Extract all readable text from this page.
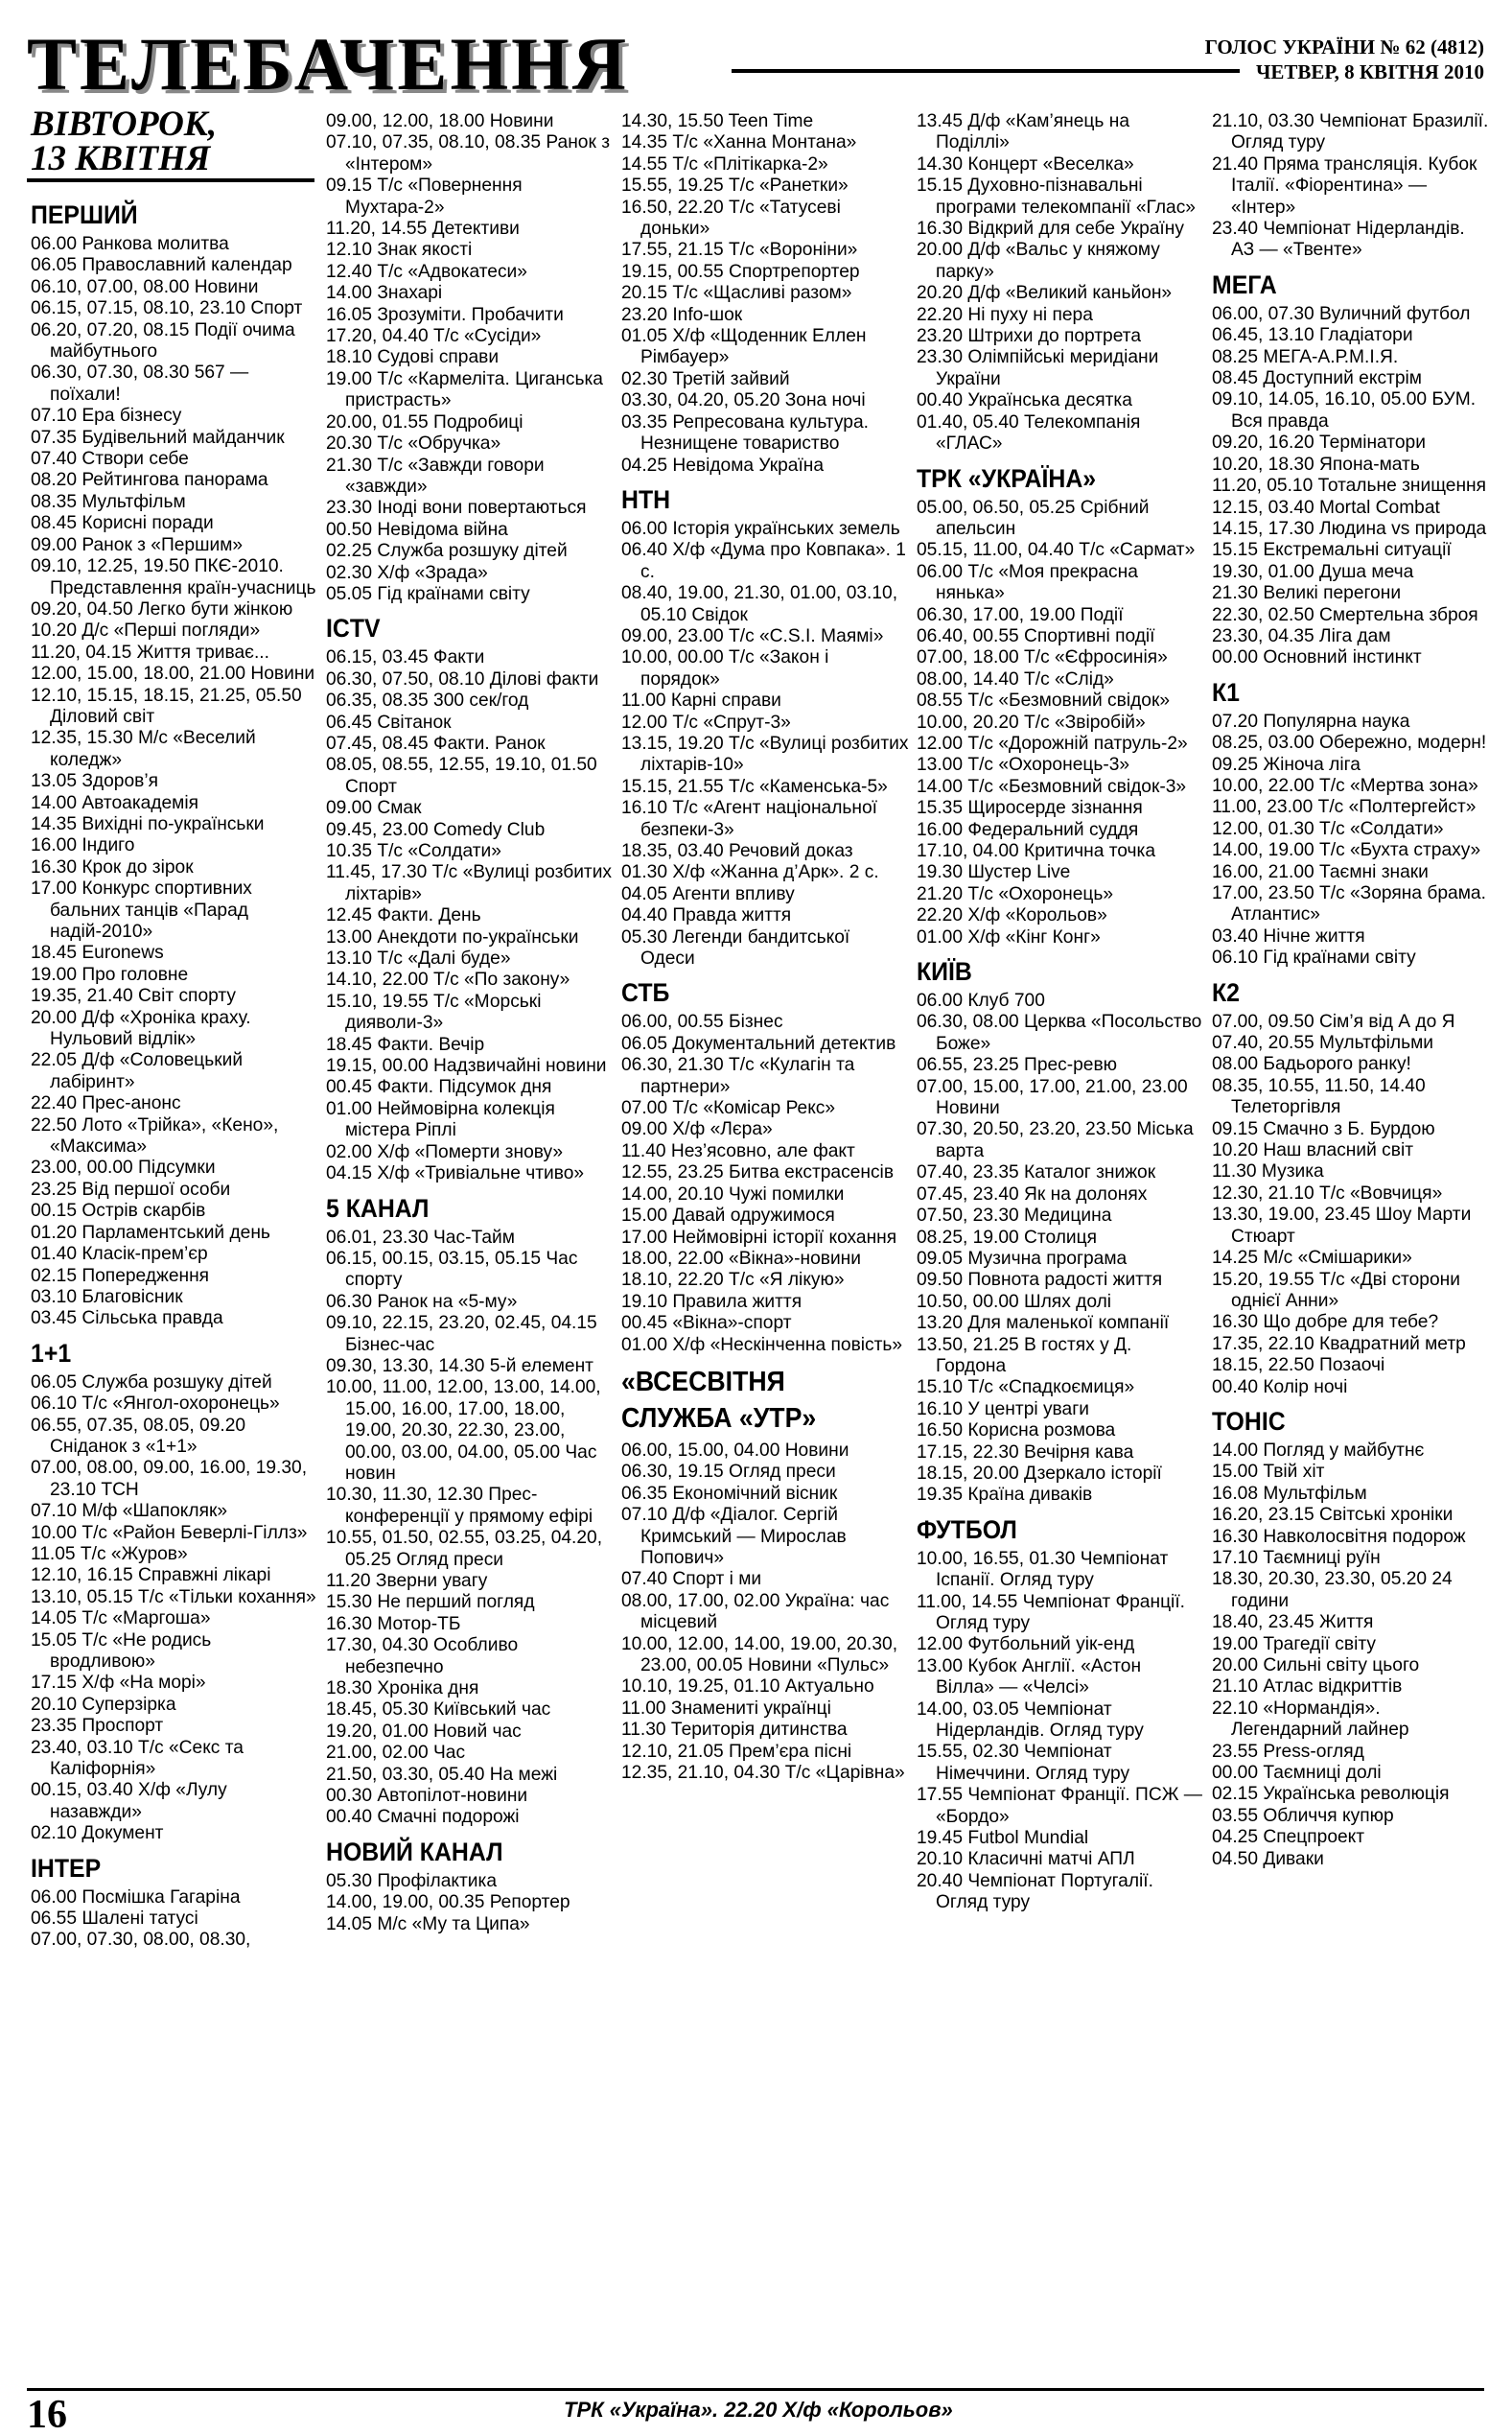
ТЕЛЕБАЧЕННЯ	ГОЛОС УКРАЇНИ № 62 (4812)
ЧЕТВЕР, 8 КВІТНЯ 2010
ВІВТОРОК,
13 КВІТНЯ
ПЕРШИЙ
06.00 Ранкова молитва
06.05 Православний календар
06.10, 07.00, 08.00 Новини
06.15, 07.15, 08.10, 23.10 Спорт
06.20, 07.20, 08.15 Події очима майбутнього
06.30, 07.30, 08.30 567 — поїхали!
07.10 Ера бізнесу
07.35 Будівельний майданчик
07.40 Створи себе
08.20 Рейтингова панорама
08.35 Мультфільм
08.45 Корисні поради
09.00 Ранок з «Першим»
09.10, 12.25, 19.50 ПКЄ-2010. Представлення країн-учасниць
09.20, 04.50 Легко бути жінкою
10.20 Д/с «Перші погляди»
11.20, 04.15 Життя триває...
12.00, 15.00, 18.00, 21.00 Новини
12.10, 15.15, 18.15, 21.25, 05.50 Діловий світ
12.35, 15.30 М/с «Веселий коледж»
13.05 Здоров’я
14.00 Автоакадемія
14.35 Вихідні по-українськи
16.00 Індиго
16.30 Крок до зірок
17.00 Конкурс спортивних бальних танців «Парад надій-2010»
18.45 Euronews
19.00 Про головне
19.35, 21.40 Світ спорту
20.00 Д/ф «Хроніка краху. Нульовий відлік»
22.05 Д/ф «Соловецький лабіринт»
22.40 Прес-анонс
22.50 Лото «Трійка», «Кено», «Максима»
23.00, 00.00 Підсумки
23.25 Від першої особи
00.15 Острів скарбів
01.20 Парламентський день
01.40 Класік-прем’єр
02.15 Попередження
03.10 Благовісник
03.45 Сільська правда
1+1
06.05 Служба розшуку дітей
06.10 Т/с «Янгол-охоронець»
06.55, 07.35, 08.05, 09.20 Сніданок з «1+1»
07.00, 08.00, 09.00, 16.00, 19.30, 23.10 ТСН
07.10 М/ф «Шапокляк»
10.00 Т/с «Район Беверлі-Гіллз»
11.05 Т/с «Журов»
12.10, 16.15 Справжні лікарі
13.10, 05.15 Т/с «Тільки кохання»
14.05 Т/с «Маргоша»
15.05 Т/с «Не родись вродливою»
17.15 Х/ф «На морі»
20.10 Суперзірка
23.35 Проспорт
23.40, 03.10 Т/с «Секс та Каліфорнія»
00.15, 03.40 Х/ф «Лулу назавжди»
02.10 Документ
ІНТЕР
06.00 Посмішка Гагаріна
06.55 Шалені татусі
07.00, 07.30, 08.00, 08.30,
09.00, 12.00, 18.00 Новини
07.10, 07.35, 08.10, 08.35 Ранок з «Інтером»
09.15 Т/с «Повернення Мухтара-2»
11.20, 14.55 Детективи
12.10 Знак якості
12.40 Т/с «Адвокатеси»
14.00 Знахарі
16.05 Зрозуміти. Пробачити
17.20, 04.40 Т/с «Сусіди»
18.10 Судові справи
19.00 Т/с «Кармеліта. Циганська пристрасть»
20.00, 01.55 Подробиці
20.30 Т/с «Обручка»
21.30 Т/с «Завжди говори «завжди»
23.30 Іноді вони повертаються
00.50 Невідома війна
02.25 Служба розшуку дітей
02.30 Х/ф «Зрада»
05.05 Гід країнами світу
ICTV
06.15, 03.45 Факти
06.30, 07.50, 08.10 Ділові факти
06.35, 08.35 300 сек/год
06.45 Світанок
07.45, 08.45 Факти. Ранок
08.05, 08.55, 12.55, 19.10, 01.50 Спорт
09.00 Смак
09.45, 23.00 Comedy Club
10.35 Т/с «Солдати»
11.45, 17.30 Т/с «Вулиці розбитих ліхтарів»
12.45 Факти. День
13.00 Анекдоти по-українськи
13.10 Т/с «Далі буде»
14.10, 22.00 Т/с «По закону»
15.10, 19.55 Т/с «Морські дияволи-3»
18.45 Факти. Вечір
19.15, 00.00 Надзвичайні новини
00.45 Факти. Підсумок дня
01.00 Неймовірна колекція містера Ріплі
02.00 Х/ф «Померти знову»
04.15 Х/ф «Тривіальне чтиво»
5 КАНАЛ
06.01, 23.30 Час-Тайм
06.15, 00.15, 03.15, 05.15 Час спорту
06.30 Ранок на «5-му»
09.10, 22.15, 23.20, 02.45, 04.15 Бізнес-час
09.30, 13.30, 14.30 5-й елемент
10.00, 11.00, 12.00, 13.00, 14.00, 15.00, 16.00, 17.00, 18.00, 19.00, 20.30, 22.30, 23.00, 00.00, 03.00, 04.00, 05.00 Час новин
10.30, 11.30, 12.30 Прес-конференції у прямому ефірі
10.55, 01.50, 02.55, 03.25, 04.20, 05.25 Огляд преси
11.20 Зверни увагу
15.30 Не перший погляд
16.30 Мотор-ТБ
17.30, 04.30 Особливо небезпечно
18.30 Хроніка дня
18.45, 05.30 Київський час
19.20, 01.00 Новий час
21.00, 02.00 Час
21.50, 03.30, 05.40 На межі
00.30 Автопілот-новини
00.40 Смачні подорожі
НОВИЙ КАНАЛ
05.30 Профілактика
14.00, 19.00, 00.35 Репортер
14.05 М/с «Му та Ципа»
14.30, 15.50 Teen Time
14.35 Т/с «Ханна Монтана»
14.55 Т/с «Плітікарка-2»
15.55, 19.25 Т/с «Ранетки»
16.50, 22.20 Т/с «Татусеві доньки»
17.55, 21.15 Т/с «Вороніни»
19.15, 00.55 Спортрепортер
20.15 Т/с «Щасливі разом»
23.20 Info-шок
01.05 Х/ф «Щоденник Еллен Рімбауер»
02.30 Третій зайвий
03.30, 04.20, 05.20 Зона ночі
03.35 Репресована культура. Незнищене товариство
04.25 Невідома Україна
НТН
06.00 Історія українських земель
06.40 Х/ф «Дума про Ковпака». 1 с.
08.40, 19.00, 21.30, 01.00, 03.10, 05.10 Свідок
09.00, 23.00 Т/с «C.S.I. Маямі»
10.00, 00.00 Т/с «Закон і порядок»
11.00 Карні справи
12.00 Т/с «Спрут-3»
13.15, 19.20 Т/с «Вулиці розбитих ліхтарів-10»
15.15, 21.55 Т/с «Каменська-5»
16.10 Т/с «Агент національної безпеки-3»
18.35, 03.40 Речовий доказ
01.30 Х/ф «Жанна д’Арк». 2 с.
04.05 Агенти впливу
04.40 Правда життя
05.30 Легенди бандитської Одеси
СТБ
06.00, 00.55 Бізнес
06.05 Документальний детектив
06.30, 21.30 Т/с «Кулагін та партнери»
07.00 Т/с «Комісар Рекс»
09.00 Х/ф «Лєра»
11.40 Нез’ясовно, але факт
12.55, 23.25 Битва екстрасенсів
14.00, 20.10 Чужі помилки
15.00 Давай одружимося
17.00 Неймовірні історії кохання
18.00, 22.00 «Вікна»-новини
18.10, 22.20 Т/с «Я лікую»
19.10 Правила життя
00.45 «Вікна»-спорт
01.00 Х/ф «Нескінченна повість»
«ВСЕСВІТНЯ СЛУЖБА «УТР»
06.00, 15.00, 04.00 Новини
06.30, 19.15 Огляд преси
06.35 Економічний вісник
07.10 Д/ф «Діалог. Сергій Кримський — Мирослав Попович»
07.40 Спорт і ми
08.00, 17.00, 02.00 Україна: час місцевий
10.00, 12.00, 14.00, 19.00, 20.30, 23.00, 00.05 Новини «Пульс»
10.10, 19.25, 01.10 Актуально
11.00 Знамениті українці
11.30 Територія дитинства
12.10, 21.05 Прем’єра пісні
12.35, 21.10, 04.30 Т/с «Царівна»
13.45 Д/ф «Кам’янець на Поділлі»
14.30 Концерт «Веселка»
15.15 Духовно-пізнавальні програми телекомпанії «Глас»
16.30 Відкрий для себе Україну
20.00 Д/ф «Вальс у княжому парку»
20.20 Д/ф «Великий каньйон»
22.20 Ні пуху ні пера
23.20 Штрихи до портрета
23.30 Олімпійські меридіани України
00.40 Українська десятка
01.40, 05.40 Телекомпанія «ГЛАС»
ТРК «УКРАЇНА»
05.00, 06.50, 05.25 Срібний апельсин
05.15, 11.00, 04.40 Т/с «Сармат»
06.00 Т/с «Моя прекрасна нянька»
06.30, 17.00, 19.00 Події
06.40, 00.55 Спортивні події
07.00, 18.00 Т/с «Єфросинія»
08.00, 14.40 Т/с «Слід»
08.55 Т/с «Безмовний свідок»
10.00, 20.20 Т/с «Звіробій»
12.00 Т/с «Дорожній патруль-2»
13.00 Т/с «Охоронець-3»
14.00 Т/с «Безмовний свідок-3»
15.35 Щиросерде зізнання
16.00 Федеральний суддя
17.10, 04.00 Критична точка
19.30 Шустер Live
21.20 Т/с «Охоронець»
22.20 Х/ф «Корольов»
01.00 Х/ф «Кінг Конг»
КИЇВ
06.00 Клуб 700
06.30, 08.00 Церква «Посольство Боже»
06.55, 23.25 Прес-ревю
07.00, 15.00, 17.00, 21.00, 23.00 Новини
07.30, 20.50, 23.20, 23.50 Міська варта
07.40, 23.35 Каталог знижок
07.45, 23.40 Як на долонях
07.50, 23.30 Медицина
08.25, 19.00 Столиця
09.05 Музична програма
09.50 Повнота радості життя
10.50, 00.00 Шлях долі
13.20 Для маленької компанії
13.50, 21.25 В гостях у Д. Гордона
15.10 Т/с «Спадкоємиця»
16.10 У центрі уваги
16.50 Корисна розмова
17.15, 22.30 Вечірня кава
18.15, 20.00 Дзеркало історії
19.35 Країна диваків
ФУТБОЛ
10.00, 16.55, 01.30 Чемпіонат Іспанії. Огляд туру
11.00, 14.55 Чемпіонат Франції. Огляд туру
12.00 Футбольний уік-енд
13.00 Кубок Англії. «Астон Вілла» — «Челсі»
14.00, 03.05 Чемпіонат Нідерландів. Огляд туру
15.55, 02.30 Чемпіонат Німеччини. Огляд туру
17.55 Чемпіонат Франції. ПСЖ — «Бордо»
19.45 Futbol Mundial
20.10 Класичні матчі АПЛ
20.40 Чемпіонат Португалії. Огляд туру
21.10, 03.30 Чемпіонат Бразилії. Огляд туру
21.40 Пряма трансляція. Кубок Італії. «Фіорентина» — «Інтер»
23.40 Чемпіонат Нідерландів. АЗ — «Твенте»
МЕГА
06.00, 07.30 Вуличний футбол
06.45, 13.10 Гладіатори
08.25 МЕГА-А.Р.М.І.Я.
08.45 Доступний екстрім
09.10, 14.05, 16.10, 05.00 БУМ. Вся правда
09.20, 16.20 Термінатори
10.20, 18.30 Япона-мать
11.20, 05.10 Тотальне знищення
12.15, 03.40 Mortal Combat
14.15, 17.30 Людина vs природа
15.15 Екстремальні ситуації
19.30, 01.00 Душа меча
21.30 Великі перегони
22.30, 02.50 Смертельна зброя
23.30, 04.35 Ліга дам
00.00 Основний інстинкт
К1
07.20 Популярна наука
08.25, 03.00 Обережно, модерн!
09.25 Жіноча ліга
10.00, 22.00 Т/с «Мертва зона»
11.00, 23.00 Т/с «Полтергейст»
12.00, 01.30 Т/с «Солдати»
14.00, 19.00 Т/с «Бухта страху»
16.00, 21.00 Таємні знаки
17.00, 23.50 Т/с «Зоряна брама. Атлантис»
03.40 Нічне життя
06.10 Гід країнами світу
К2
07.00, 09.50 Сім’я від А до Я
07.40, 20.55 Мультфільми
08.00 Бадьорого ранку!
08.35, 10.55, 11.50, 14.40 Телеторгівля
09.15 Смачно з Б. Бурдою
10.20 Наш власний світ
11.30 Музика
12.30, 21.10 Т/с «Вовчиця»
13.30, 19.00, 23.45 Шоу Марти Стюарт
14.25 М/с «Смішарики»
15.20, 19.55 Т/с «Дві сторони однієї Анни»
16.30 Що добре для тебе?
17.35, 22.10 Квадратний метр
18.15, 22.50 Позаочі
00.40 Колір ночі
ТОНІС
14.00 Погляд у майбутнє
15.00 Твій хіт
16.08 Мультфільм
16.20, 23.15 Світські хроніки
16.30 Навколосвітня подорож
17.10 Таємниці руїн
18.30, 20.30, 23.30, 05.20 24 години
18.40, 23.45 Життя
19.00 Трагедії світу
20.00 Сильні світу цього
21.10 Атлас відкриттів
22.10 «Нормандія». Легендарний лайнер
23.55 Press-огляд
00.00 Таємниці долі
02.15 Українська революція
03.55 Обличчя купюр
04.25 Спецпроект
04.50 Диваки
16	ТРК «Україна». 22.20 Х/ф «Корольов»
